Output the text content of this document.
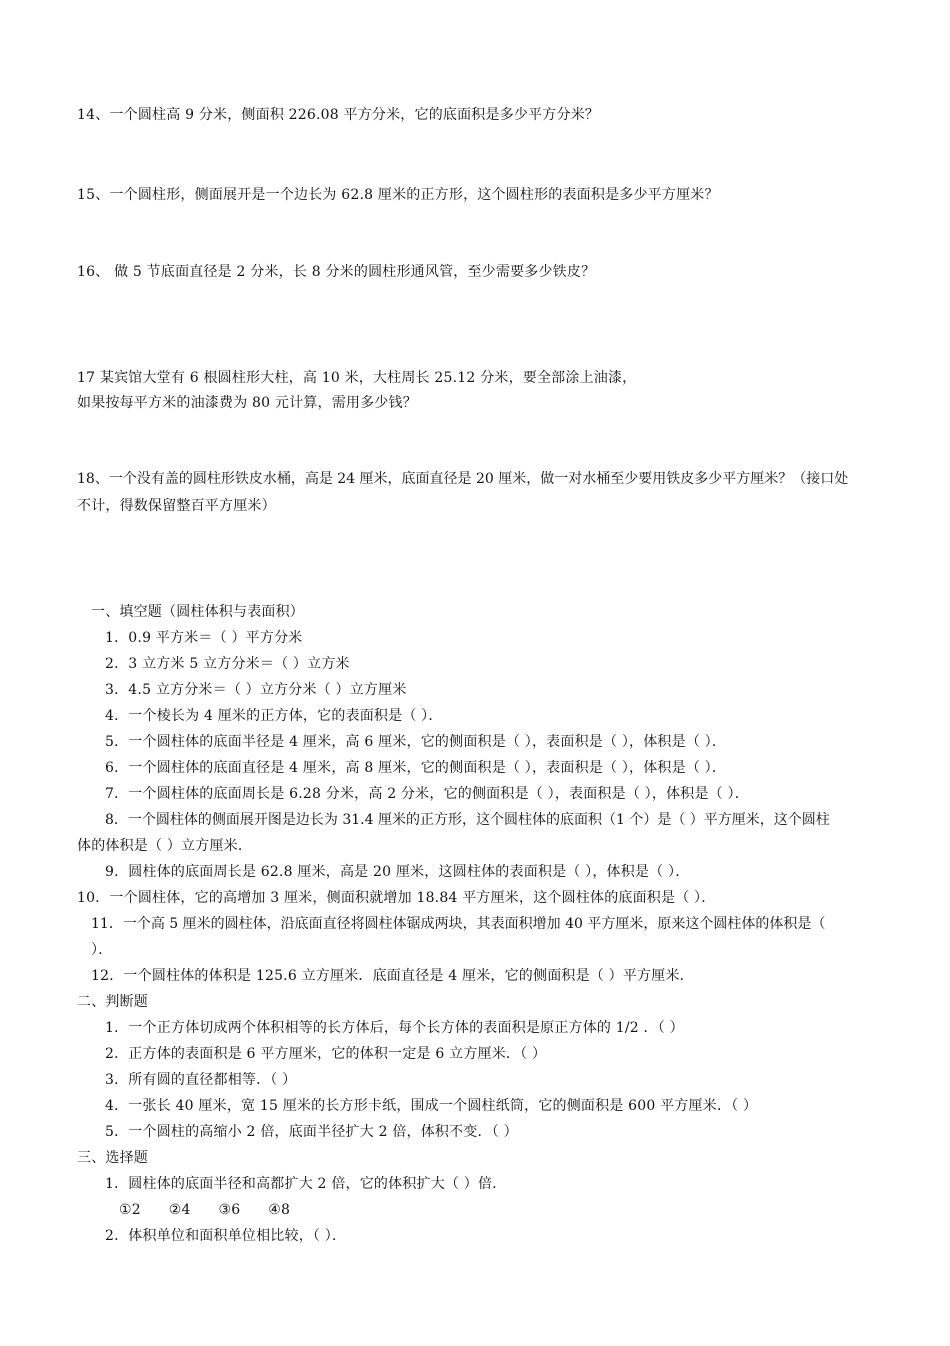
14、一个圆柱高 9 分米，侧面积 226.08 平方分米，它的底面积是多少平方分米？
15、一个圆柱形，侧面展开是一个边长为 62.8 厘米的正方形，这个圆柱形的表面积是多少平方厘米？
16、 做 5 节底面直径是 2 分米，长 8 分米的圆柱形通风管，至少需要多少铁皮？
17 某宾馆大堂有 6 根圆柱形大柱，高 10 米，大柱周长 25.12 分米，要全部涂上油漆，
如果按每平方米的油漆费为 80 元计算，需用多少钱？
18、一个没有盖的圆柱形铁皮水桶，高是 24 厘米，底面直径是 20 厘米，做一对水桶至少要用铁皮多少平方厘米？（接口处
不计，得数保留整百平方厘米）
一、填空题（圆柱体积与表面积）
1．0.9 平方米＝（ ）平方分米
2．3 立方米 5 立方分米＝（ ）立方米
3．4.5 立方分米＝（ ）立方分米（ ）立方厘米
4．一个棱长为 4 厘米的正方体，它的表面积是（ ）．
5．一个圆柱体的底面半径是 4 厘米，高 6 厘米，它的侧面积是（ ），表面积是（ ），体积是（ ）．
6．一个圆柱体的底面直径是 4 厘米，高 8 厘米，它的侧面积是（ ），表面积是（ ），体积是（ ）．
7．一个圆柱体的底面周长是 6.28 分米，高 2 分米，它的侧面积是（ ），表面积是（ ），体积是（ ）．
8．一个圆柱体的侧面展开图是边长为 31.4 厘米的正方形，这个圆柱体的底面积（1 个）是（ ）平方厘米，这个圆柱
体的体积是（ ）立方厘米．
9．圆柱体的底面周长是 62.8 厘米，高是 20 厘米，这圆柱体的表面积是（ ），体积是（ ）．
10．一个圆柱体，它的高增加 3 厘米，侧面积就增加 18.84 平方厘米，这个圆柱体的底面积是（ ）．
11．一个高 5 厘米的圆柱体，沿底面直径将圆柱体锯成两块，其表面积增加 40 平方厘米，原来这个圆柱体的体积是（
）．
12．一个圆柱体的体积是 125.6 立方厘米．底面直径是 4 厘米，它的侧面积是（ ）平方厘米．
二、判断题
1．一个正方体切成两个体积相等的长方体后，每个长方体的表面积是原正方体的 1/2 ．（ ）
2．正方体的表面积是 6 平方厘米，它的体积一定是 6 立方厘米．（ ）
3．所有圆的直径都相等．（ ）
4．一张长 40 厘米，宽 15 厘米的长方形卡纸，围成一个圆柱纸筒，它的侧面积是 600 平方厘米．（ ）
5．一个圆柱的高缩小 2 倍，底面半径扩大 2 倍，体积不变．（ ）
三、选择题
1．圆柱体的底面半径和高都扩大 2 倍，它的体积扩大（ ）倍．
①2      ②4      ③6      ④8
2．体积单位和面积单位相比较，（ ）．
